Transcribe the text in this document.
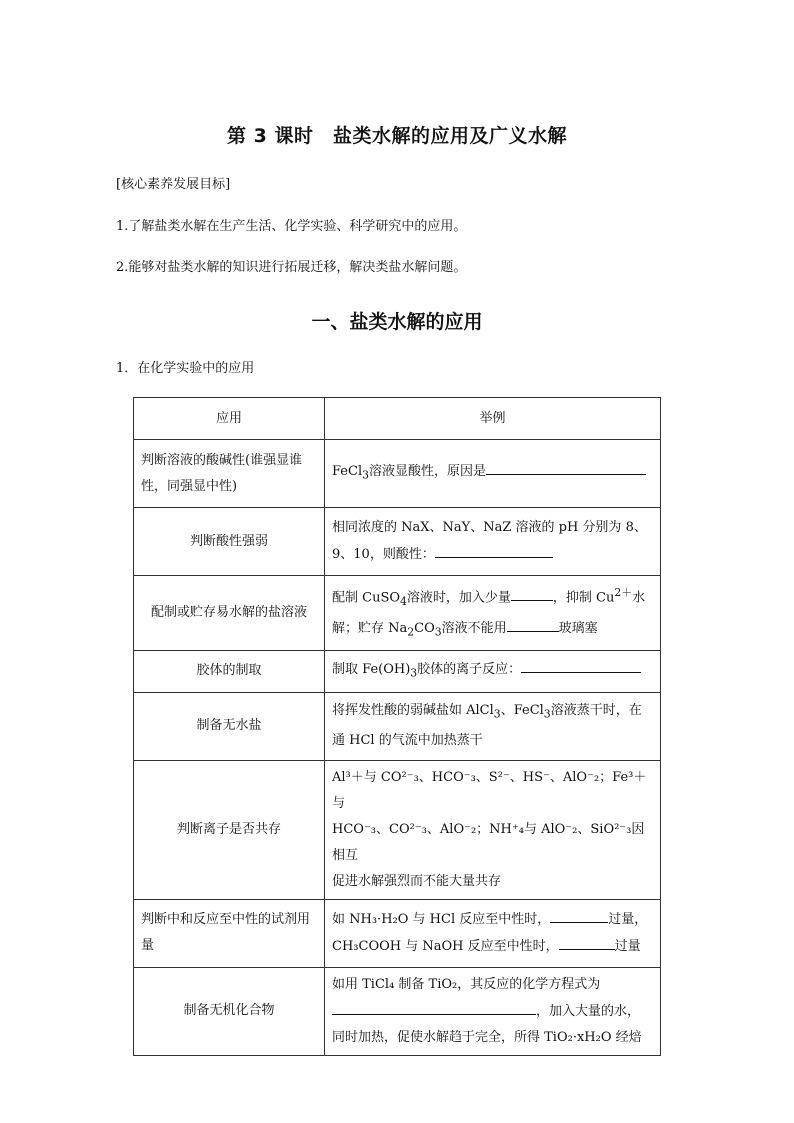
第 3 课时　盐类水解的应用及广义水解
[核心素养发展目标]
1.了解盐类水解在生产生活、化学实验、科学研究中的应用。
2.能够对盐类水解的知识进行拓展迁移，解决类盐水解问题。
一、盐类水解的应用
1．在化学实验中的应用
应用	举例
判断溶液的酸碱性(谁强显谁性，同强显中性)	FeCl$_3$溶液显酸性，原因是
判断酸性强弱	相同浓度的 NaX、NaY、NaZ 溶液的 pH 分别为 8、9、10，则酸性：
配制或贮存易水解的盐溶液	配制 CuSO$_4$溶液时，加入少量 ，抑制 $Cu^{2+}$水解；贮存 $Na_2CO_3$溶液不能用 玻璃塞
胶体的制取	制取 $Fe(OH)_3$胶体的离子反应：
制备无水盐	将挥发性酸的弱碱盐如 AlCl$_3$、FeCl$_3$溶液蒸干时，在通 HCl 的气流中加热蒸干
判断离子是否共存	Al³＋与 CO²⁻₃、HCO⁻₃、S²⁻、HS⁻、AlO⁻₂；Fe³＋与
HCO⁻₃、CO²⁻₃、AlO⁻₂；NH⁺₄与 AlO⁻₂、SiO²⁻₃因相互
促进水解强烈而不能大量共存

判断中和反应至中性的试剂用量	如 NH₃·H₂O 与 HCl 反应至中性时， 过量，
CH₃COOH 与 NaOH 反应至中性时， 过量

制备无机化合物	如用 TiCl₄ 制备 TiO₂，其反应的化学方程式为
，加入大量的水，
同时加热，促使水解趋于完全，所得 TiO₂·xH₂O 经焙
